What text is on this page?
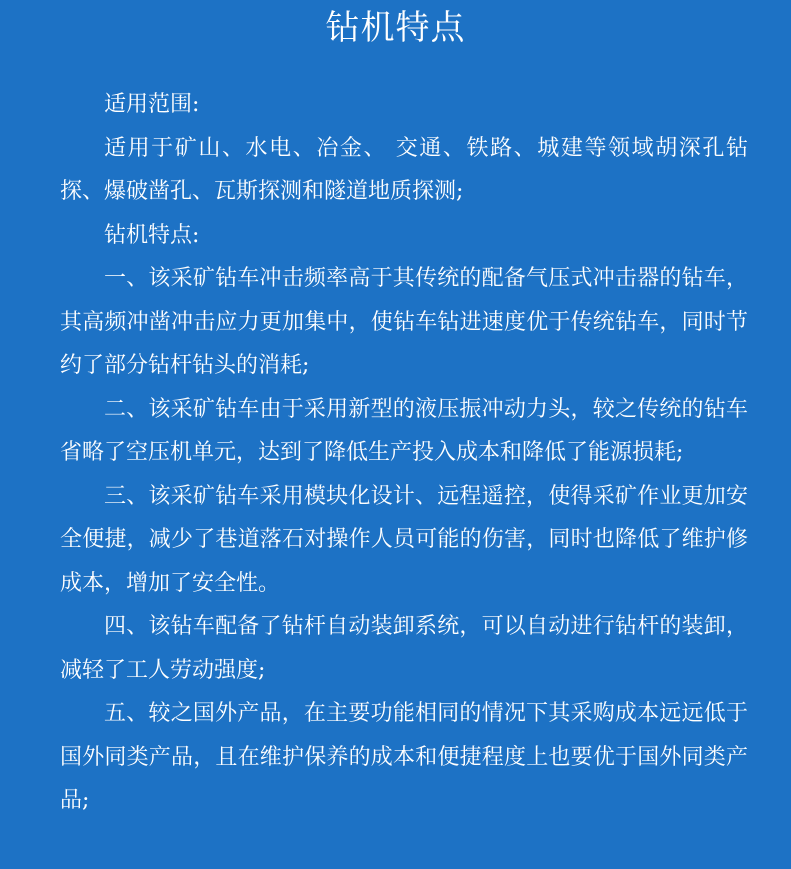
钻机特点

适用范围:

适用于矿山、水电、冶金、 交通、铁路、城建等领域胡深孔钻探、爆破凿孔、瓦斯探测和隧道地质探测;

钻机特点:

一、该采矿钻车冲击频率高于其传统的配备气压式冲击器的钻车，其高频冲凿冲击应力更加集中，使钻车钻进速度优于传统钻车，同时节约了部分钻杆钻头的消耗;

二、该采矿钻车由于采用新型的液压振冲动力头，较之传统的钻车省略了空压机单元，达到了降低生产投入成本和降低了能源损耗;

三、该采矿钻车采用模块化设计、远程遥控，使得采矿作业更加安全便捷，减少了巷道落石对操作人员可能的伤害，同时也降低了维护修成本，增加了安全性。

四、该钻车配备了钻杆自动装卸系统，可以自动进行钻杆的装卸，减轻了工人劳动强度;

五、较之国外产品，在主要功能相同的情况下其采购成本远远低于国外同类产品，且在维护保养的成本和便捷程度上也要优于国外同类产品;
